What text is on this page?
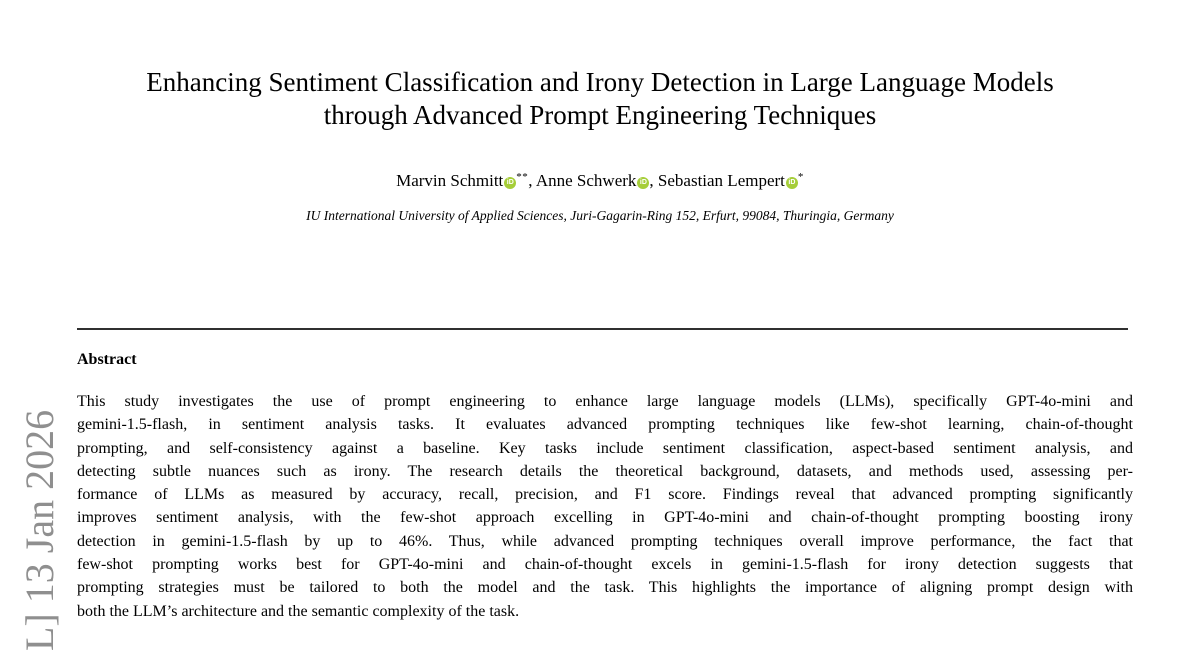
Enhancing Sentiment Classification and Irony Detection in Large Language Models
through Advanced Prompt Engineering Techniques
Marvin Schmitt iD **, Anne Schwerk iD , Sebastian Lempert iD *
IU International University of Applied Sciences, Juri-Gagarin-Ring 152, Erfurt, 99084, Thuringia, Germany
Abstract
This study investigates the use of prompt engineering to enhance large language models (LLMs), specifically GPT-4o-mini and
gemini-1.5-flash, in sentiment analysis tasks. It evaluates advanced prompting techniques like few-shot learning, chain-of-thought
prompting, and self-consistency against a baseline. Key tasks include sentiment classification, aspect-based sentiment analysis, and
detecting subtle nuances such as irony. The research details the theoretical background, datasets, and methods used, assessing per-
formance of LLMs as measured by accuracy, recall, precision, and F1 score. Findings reveal that advanced prompting significantly
improves sentiment analysis, with the few-shot approach excelling in GPT-4o-mini and chain-of-thought prompting boosting irony
detection in gemini-1.5-flash by up to 46%. Thus, while advanced prompting techniques overall improve performance, the fact that
few-shot prompting works best for GPT-4o-mini and chain-of-thought excels in gemini-1.5-flash for irony detection suggests that
prompting strategies must be tailored to both the model and the task. This highlights the importance of aligning prompt design with
both the LLM’s architecture and the semantic complexity of the task.
L] 13 Jan 2026
